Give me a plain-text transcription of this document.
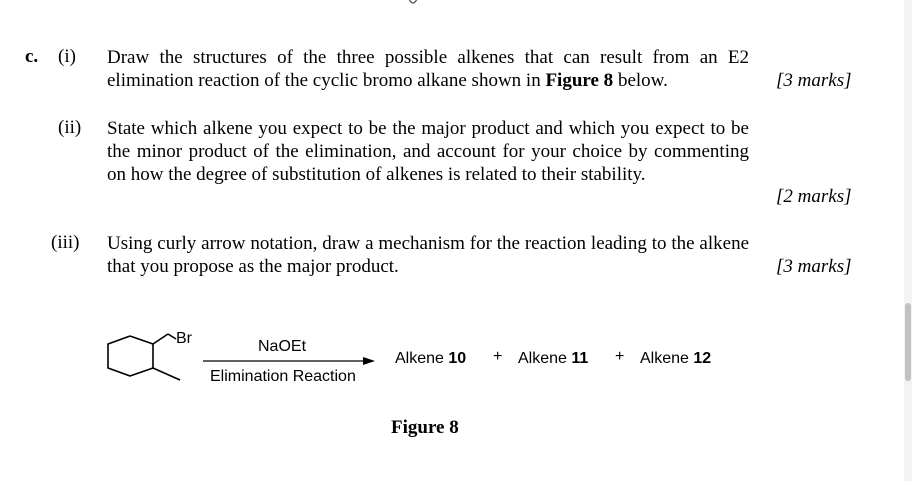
c. (i) Draw the structures of the three possible alkenes that can result from an E2 elimination reaction of the cyclic bromo alkane shown in Figure 8 below.	[3 marks]
(ii) State which alkene you expect to be the major product and which you expect to be the minor product of the elimination, and account for your choice by commenting on how the degree of substitution of alkenes is related to their stability.
[2 marks]
(iii) Using curly arrow notation, draw a mechanism for the reaction leading to the alkene that you propose as the major product.	[3 marks]
Br	NaOEt
Elimination Reaction
Alkene 10 + Alkene 11 + Alkene 12
Figure 8
